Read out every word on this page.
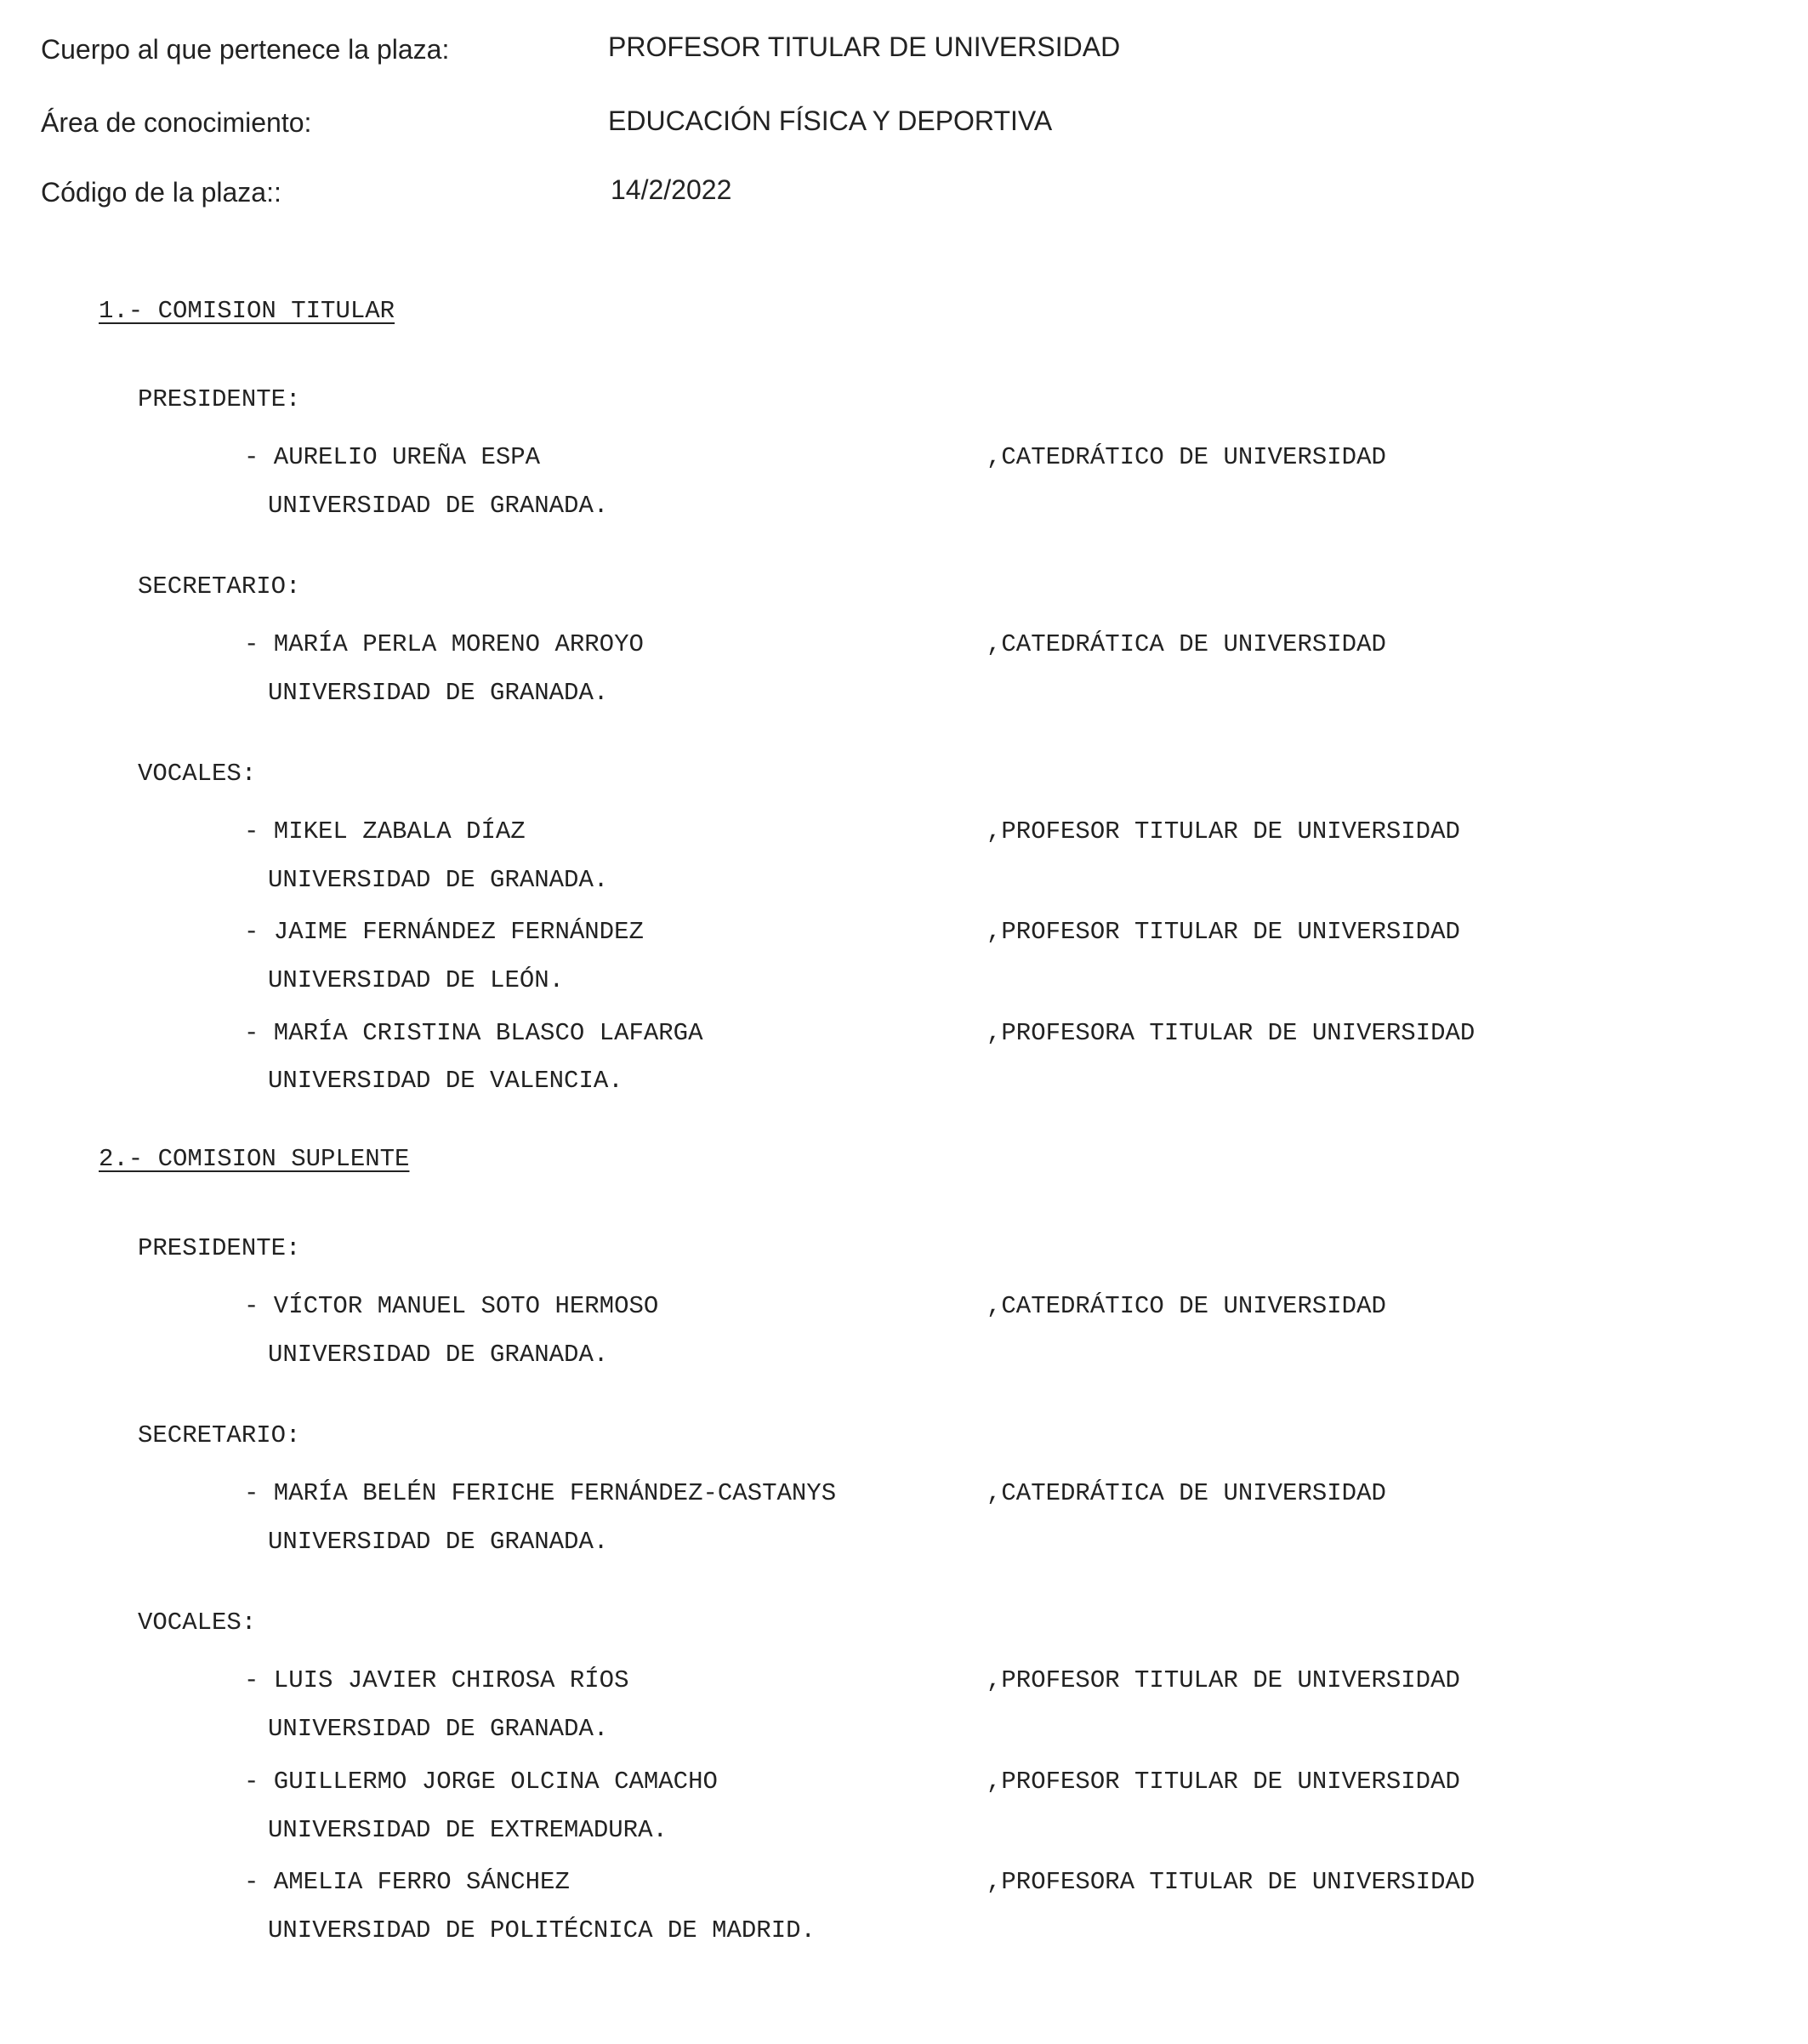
Cuerpo al que pertenece la plaza:	PROFESOR TITULAR DE UNIVERSIDAD
Área de conocimiento:	EDUCACIÓN FÍSICA Y DEPORTIVA
Código de la plaza::	14/2/2022
1.- COMISION TITULAR
PRESIDENTE:
- AURELIO UREÑA ESPA	,CATEDRÁTICO DE UNIVERSIDAD
UNIVERSIDAD DE GRANADA.
SECRETARIO:
- MARÍA PERLA MORENO ARROYO	,CATEDRÁTICA DE UNIVERSIDAD
UNIVERSIDAD DE GRANADA.
VOCALES:
- MIKEL ZABALA DÍAZ	,PROFESOR TITULAR DE UNIVERSIDAD
UNIVERSIDAD DE GRANADA.
- JAIME FERNÁNDEZ FERNÁNDEZ	,PROFESOR TITULAR DE UNIVERSIDAD
UNIVERSIDAD DE LEÓN.
- MARÍA CRISTINA BLASCO LAFARGA	,PROFESORA TITULAR DE UNIVERSIDAD
UNIVERSIDAD DE VALENCIA.
2.- COMISION SUPLENTE
PRESIDENTE:
- VÍCTOR MANUEL SOTO HERMOSO	,CATEDRÁTICO DE UNIVERSIDAD
UNIVERSIDAD DE GRANADA.
SECRETARIO:
- MARÍA BELÉN FERICHE FERNÁNDEZ-CASTANYS	,CATEDRÁTICA DE UNIVERSIDAD
UNIVERSIDAD DE GRANADA.
VOCALES:
- LUIS JAVIER CHIROSA RÍOS	,PROFESOR TITULAR DE UNIVERSIDAD
UNIVERSIDAD DE GRANADA.
- GUILLERMO JORGE OLCINA CAMACHO	,PROFESOR TITULAR DE UNIVERSIDAD
UNIVERSIDAD DE EXTREMADURA.
- AMELIA FERRO SÁNCHEZ	,PROFESORA TITULAR DE UNIVERSIDAD
UNIVERSIDAD DE POLITÉCNICA DE MADRID.
